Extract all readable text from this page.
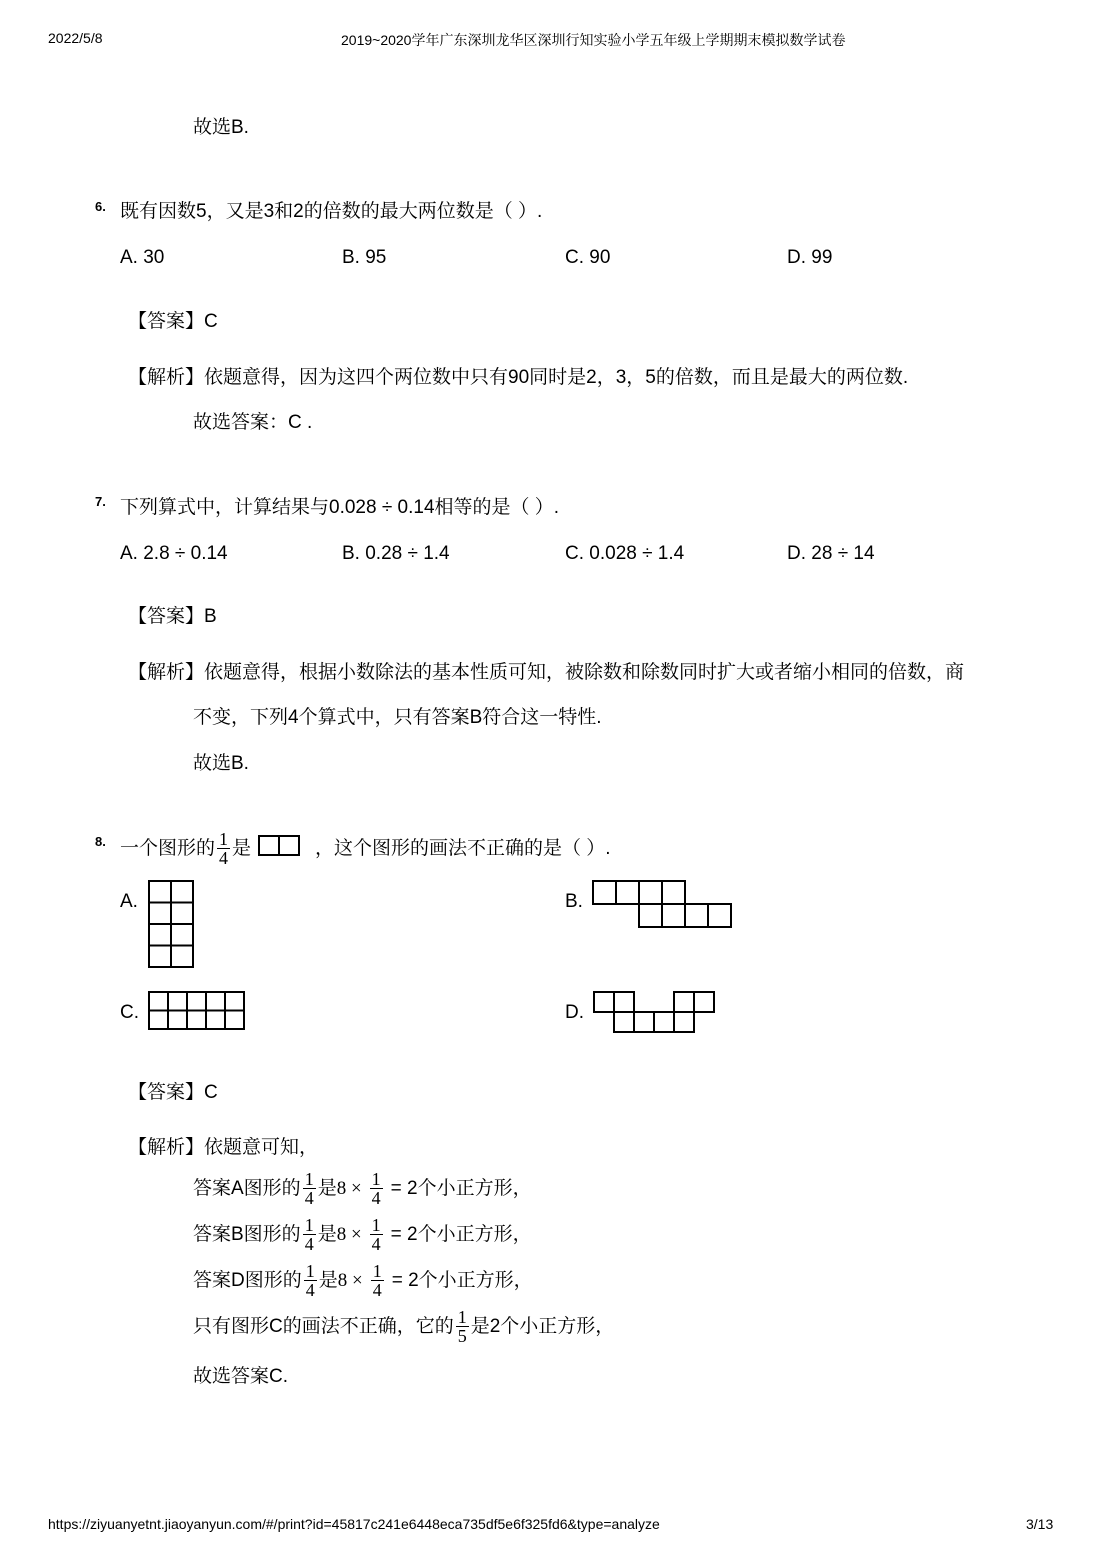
2022/5/8	2019~2020学年广东深圳龙华区深圳行知实验小学五年级上学期期末模拟数学试卷
故选B.
6. 既有因数5，又是3和2的倍数的最大两位数是（ ）.
A. 30	B. 95	C. 90	D. 99
【答案】C
【解析】依题意得，因为这四个两位数中只有90同时是2，3，5的倍数，而且是最大的两位数.
故选答案：C .
7. 下列算式中，计算结果与0.028 ÷ 0.14相等的是（ ）.
A. 2.8 ÷ 0.14	B. 0.28 ÷ 1.4	C. 0.028 ÷ 1.4	D. 28 ÷ 14
【答案】B
【解析】依题意得，根据小数除法的基本性质可知，被除数和除数同时扩大或者缩小相同的倍数，商
不变，下列4个算式中，只有答案B符合这一特性.
故选B.
8. 一个图形的 $\frac{1}{4}$ 是	，这个图形的画法不正确的是（ ）.
A.	B.
C.	D.
【答案】C
【解析】依题意可知，
答案A图形的 $\frac{1}{4}$ 是$8 \times \frac{1}{4} = 2$个小正方形，
答案B图形的 $\frac{1}{4}$ 是$8 \times \frac{1}{4} = 2$个小正方形，
答案D图形的 $\frac{1}{4}$ 是$8 \times \frac{1}{4} = 2$个小正方形，
只有图形C的画法不正确，它的 $\frac{1}{5}$ 是2个小正方形，
故选答案C.
https://ziyuanyetnt.jiaoyanyun.com/#/print?id=45817c241e6448eca735df5e6f325fd6&type=analyze	3/13
